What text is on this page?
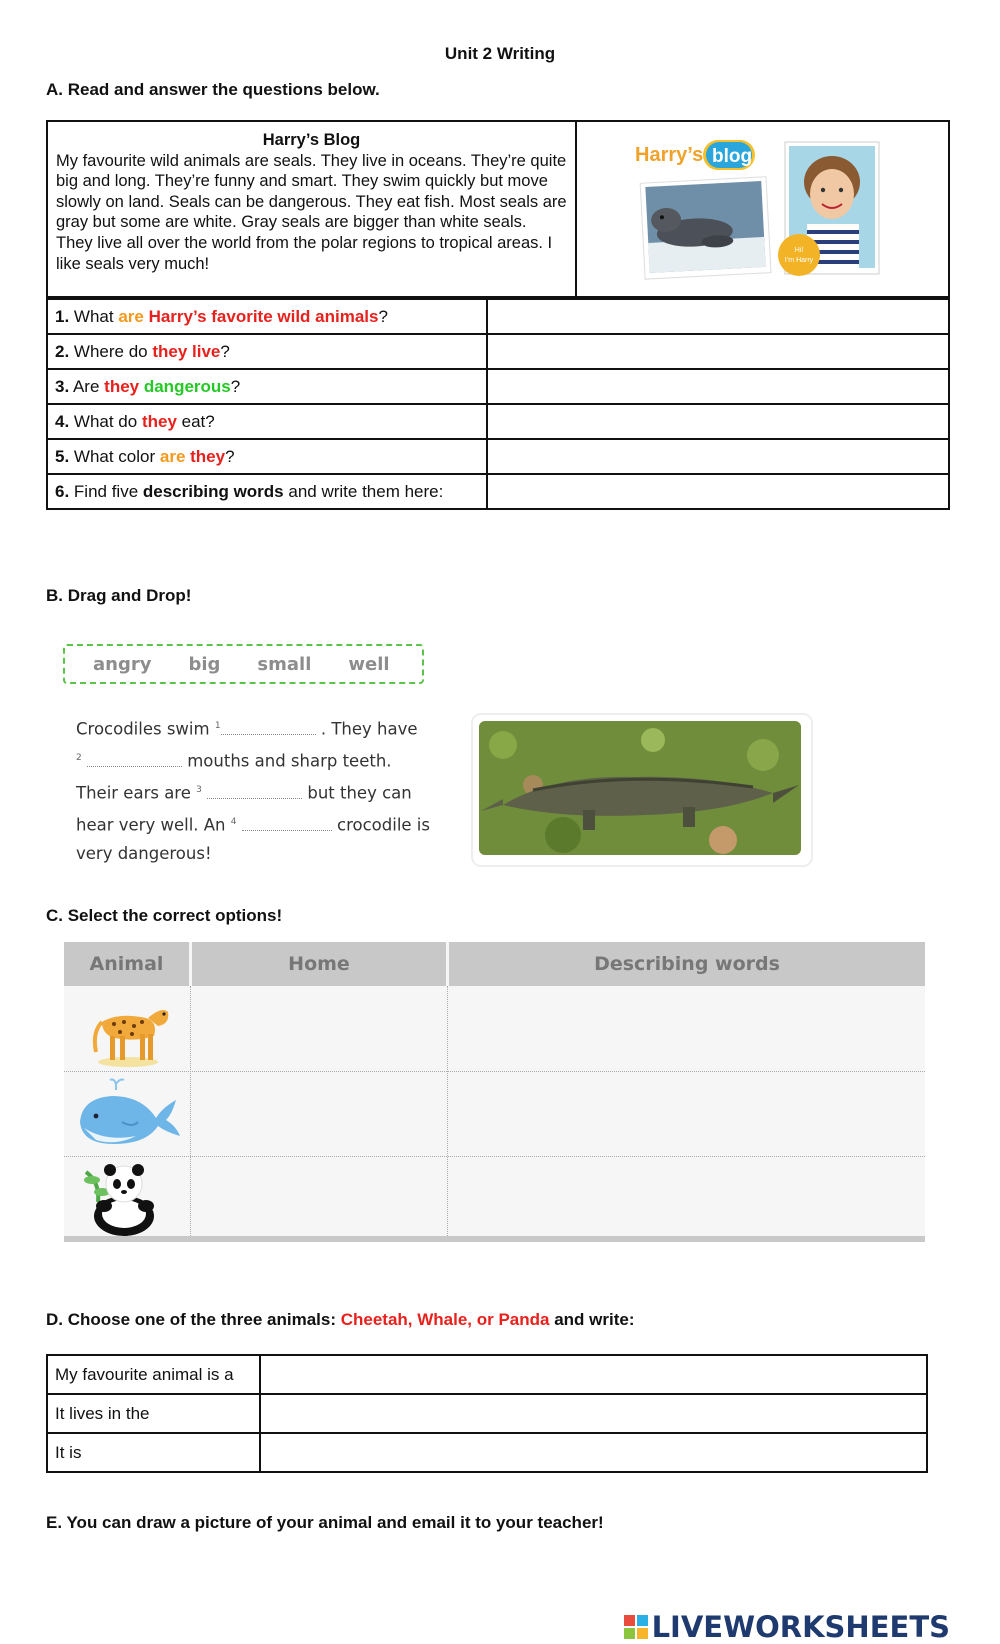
Unit 2 Writing
A. Read and answer the questions below.
Harry’s Blog
My favourite wild animals are seals. They live in oceans. They’re quite big and long. They’re funny and smart. They swim quickly but move slowly on land. Seals can be dangerous. They eat fish. Most seals are gray but some are white. Gray seals are bigger than white seals. They live all over the world from the polar regions to tropical areas. I like seals very much!
Harry’s blog
Hi!
I’m Harry
1. What are Harry’s favorite wild animals?	
2. Where do they live?	
3. Are they dangerous?	
4. What do they eat?	
5. What color are they?	
6. Find five describing words and write them here:	
B. Drag and Drop!
angry big small well
Crocodiles swim $^1$	. They have
$^2$	mouths and sharp teeth.
Their ears are $^3$	but they can
hear very well. An $^4$	crocodile is
very dangerous!
C. Select the correct options!
Animal	Home	Describing words
D. Choose one of the three animals: Cheetah, Whale, or Panda and write:
My favourite animal is a	
It lives in the	
It is	
E. You can draw a picture of your animal and email it to your teacher!
LIVEWORKSHEETS
